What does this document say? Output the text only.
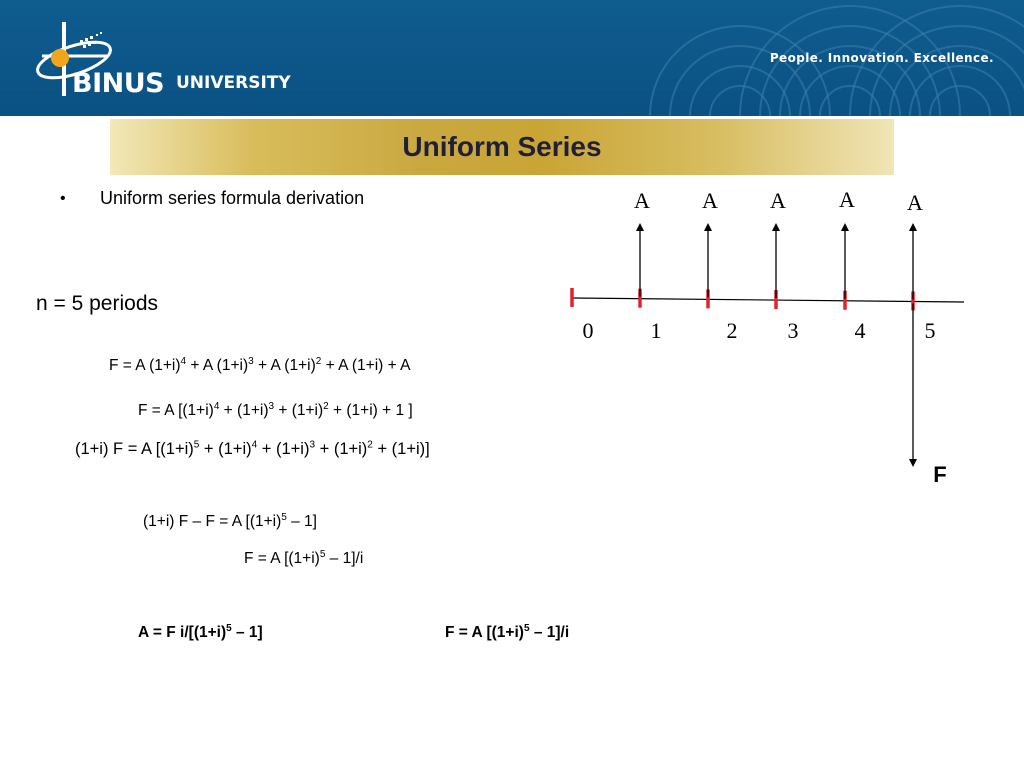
BINUS UNIVERSITY
People. Innovation. Excellence.
Uniform Series
• Uniform series formula derivation
n = 5 periods
F = A $(1+i)^4 + A$ $(1+i)^3 + A$ $(1+i)^2 + A$ (1+i) + A
F = A [$(1+i)^4 + (1+i)^3 + (1+i)^2 + (1+i) + 1$ ]
(1+i) F = A $[(1+i)^5 + (1+i)^4 + (1+i)^3 + (1+i)^2 + (1+i)]$
(1+i) F – F = A $[(1+i)^5 - 1]$
F = A $[(1+i)^5 - 1]/i$
A = F $i/[(1+i)^5 - 1]$	F = A $[(1+i)^5 - 1]/i$
0	1	2 3	4	5
A A A A A
F
